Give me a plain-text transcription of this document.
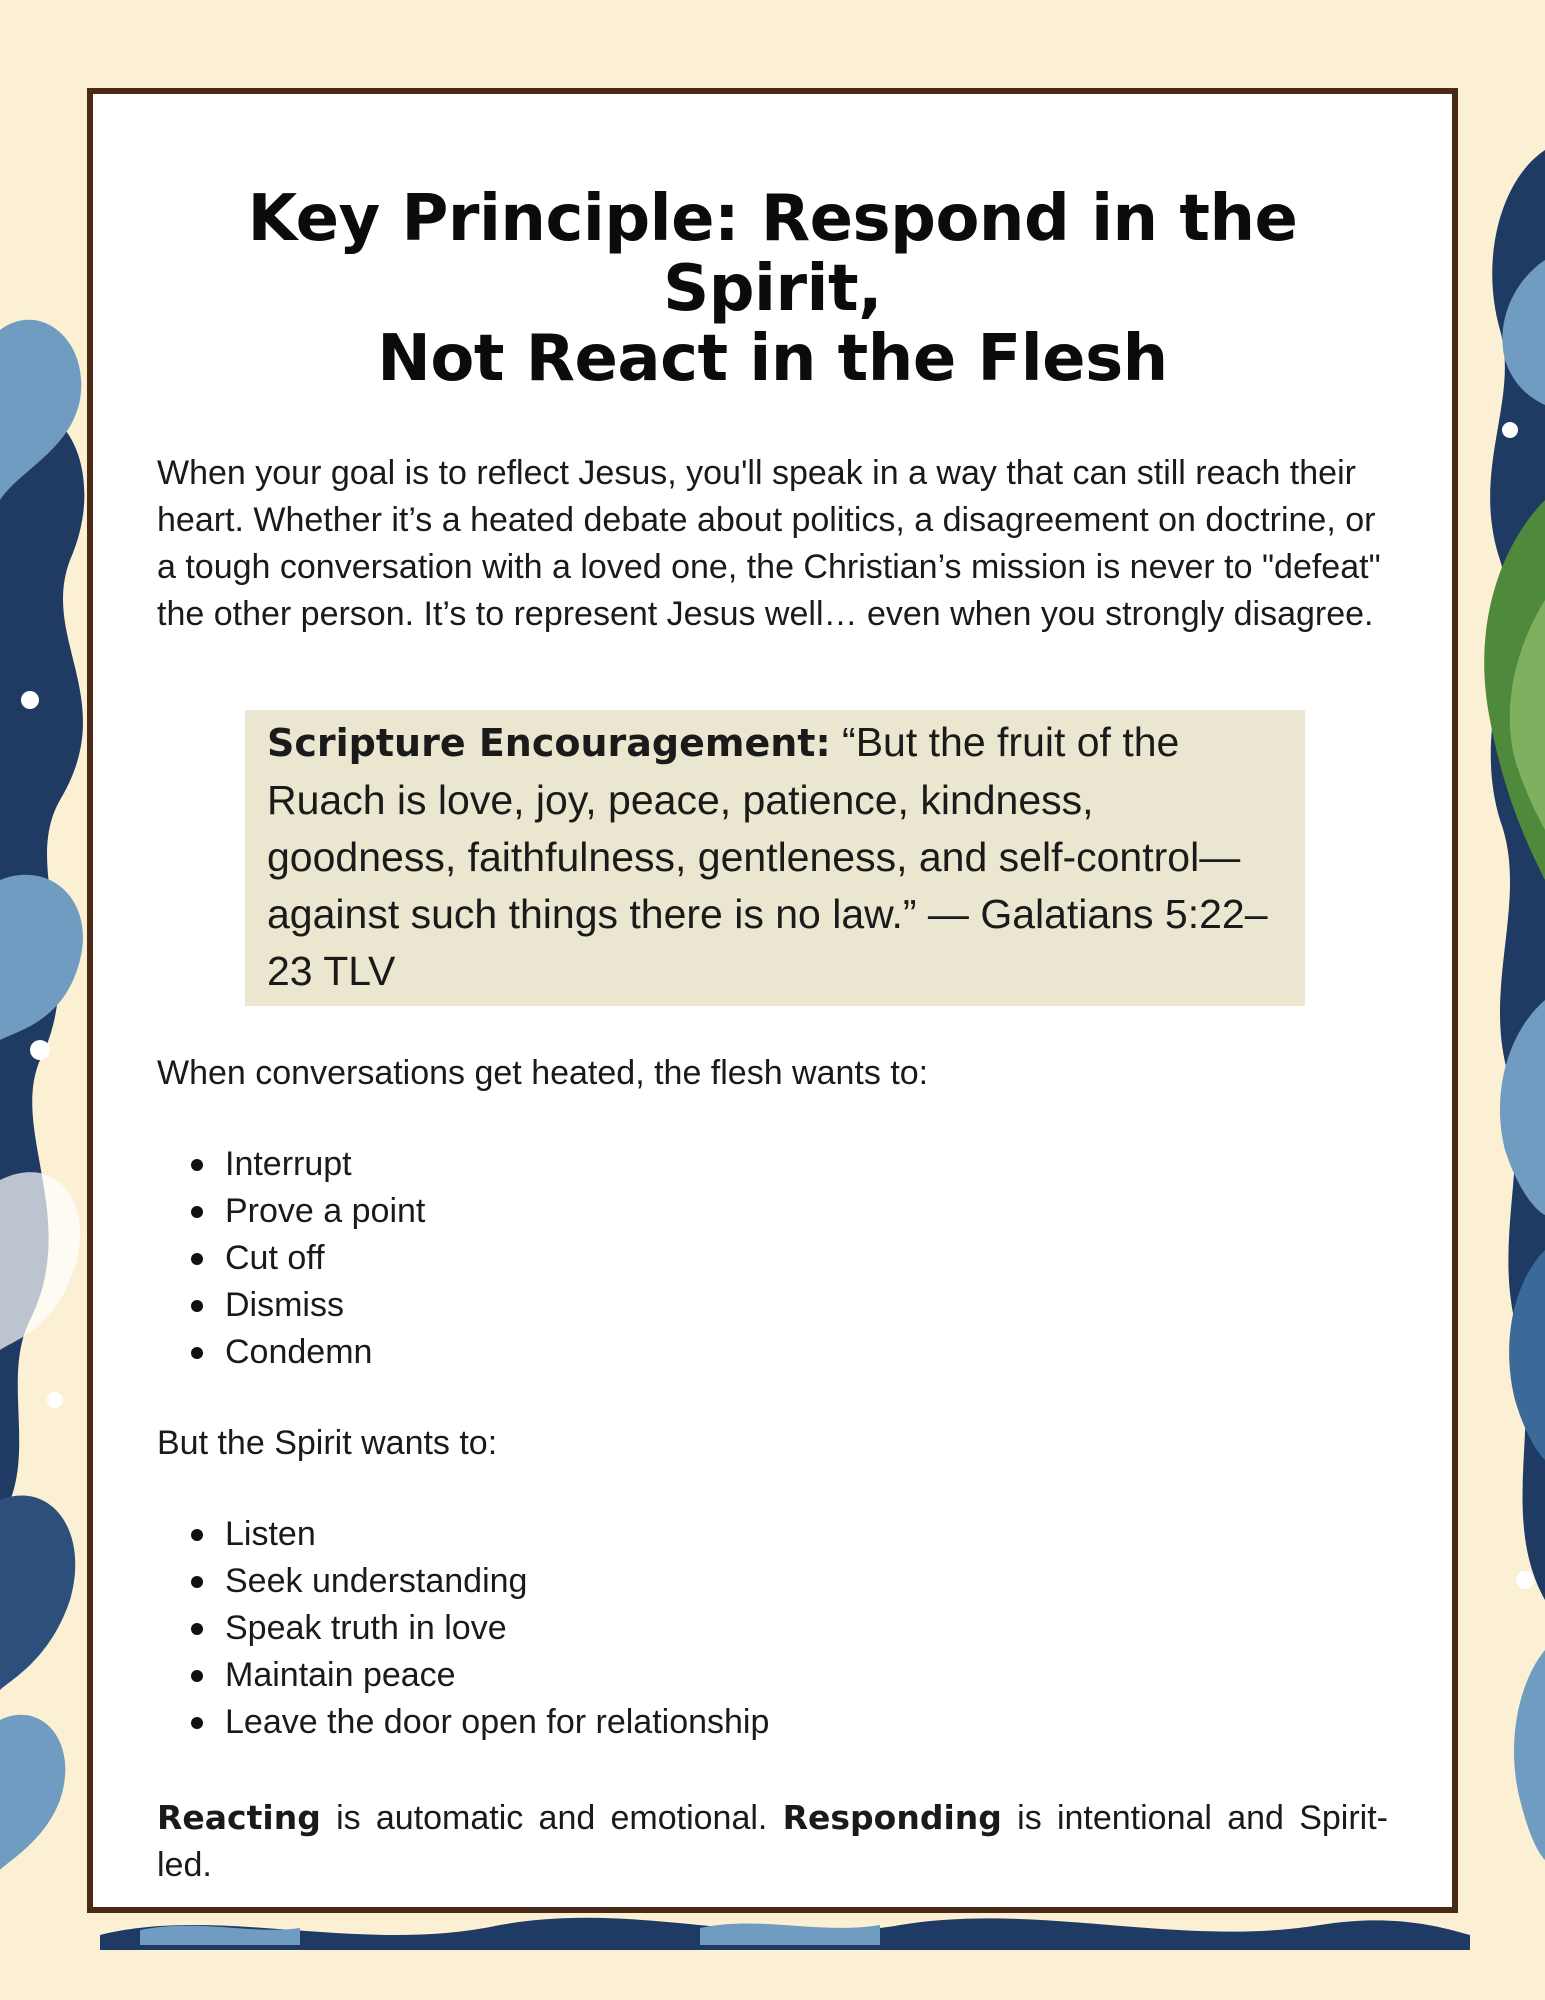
Key Principle: Respond in the Spirit,
Not React in the Flesh

When your goal is to reflect Jesus, you'll speak in a way that can still reach their heart. Whether it’s a heated debate about politics, a disagreement on doctrine, or a tough conversation with a loved one, the Christian’s mission is never to "defeat" the other person. It’s to represent Jesus well… even when you strongly disagree.

Scripture Encouragement: “But the fruit of the Ruach is love, joy, peace, patience, kindness, goodness, faithfulness, gentleness, and self-control—against such things there is no law.” — Galatians 5:22–23 TLV

When conversations get heated, the flesh wants to:

Interrupt
Prove a point
Cut off
Dismiss
Condemn

But the Spirit wants to:

Listen
Seek understanding
Speak truth in love
Maintain peace
Leave the door open for relationship

Reacting is automatic and emotional. Responding is intentional and Spirit-led.
